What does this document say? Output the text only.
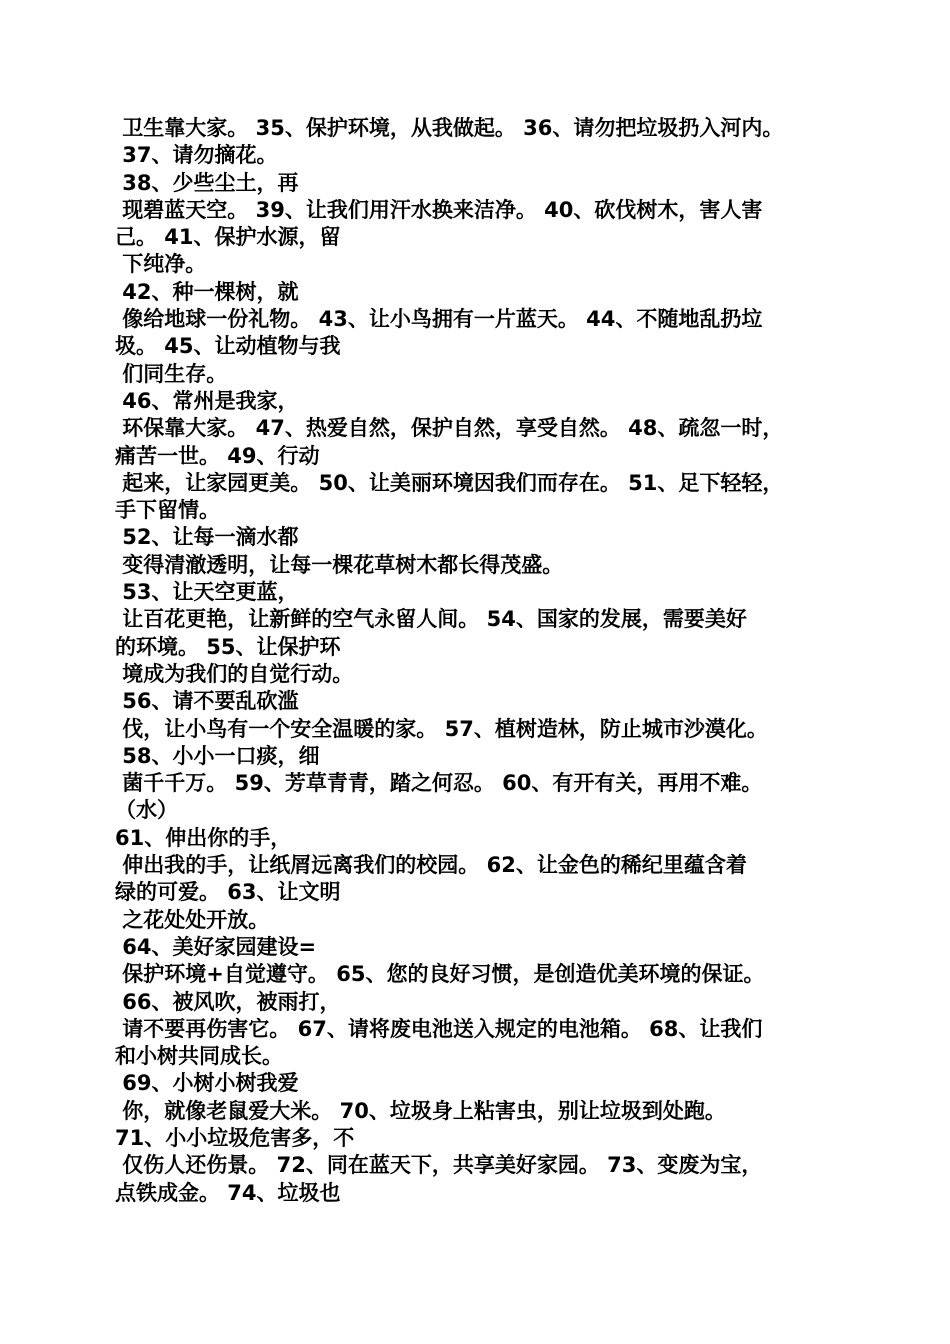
卫生靠大家。 35、保护环境，从我做起。 36、请勿把垃圾扔入河内。
37、请勿摘花。
38、少些尘土，再
现碧蓝天空。 39、让我们用汗水换来洁净。 40、砍伐树木，害人害
己。 41、保护水源，留
下纯净。
42、种一棵树，就
像给地球一份礼物。 43、让小鸟拥有一片蓝天。 44、不随地乱扔垃
圾。 45、让动植物与我
们同生存。
46、常州是我家，
环保靠大家。 47、热爱自然，保护自然，享受自然。 48、疏忽一时，
痛苦一世。 49、行动
起来，让家园更美。 50、让美丽环境因我们而存在。 51、足下轻轻，
手下留情。
52、让每一滴水都
变得清澈透明，让每一棵花草树木都长得茂盛。
53、让天空更蓝，
让百花更艳，让新鲜的空气永留人间。 54、国家的发展，需要美好
的环境。 55、让保护环
境成为我们的自觉行动。
56、请不要乱砍滥
伐，让小鸟有一个安全温暖的家。 57、植树造林，防止城市沙漠化。
58、小小一口痰，细
菌千千万。 59、芳草青青，踏之何忍。 60、有开有关，再用不难。
（水）
61、伸出你的手，
伸出我的手，让纸屑远离我们的校园。 62、让金色的稀纪里蕴含着
绿的可爱。 63、让文明
之花处处开放。
64、美好家园建设=
保护环境+自觉遵守。 65、您的良好习惯，是创造优美环境的保证。
66、被风吹，被雨打，
请不要再伤害它。 67、请将废电池送入规定的电池箱。 68、让我们
和小树共同成长。
69、小树小树我爱
你，就像老鼠爱大米。 70、垃圾身上粘害虫，别让垃圾到处跑。
71、小小垃圾危害多，不
仅伤人还伤景。 72、同在蓝天下，共享美好家园。 73、变废为宝，
点铁成金。 74、垃圾也
